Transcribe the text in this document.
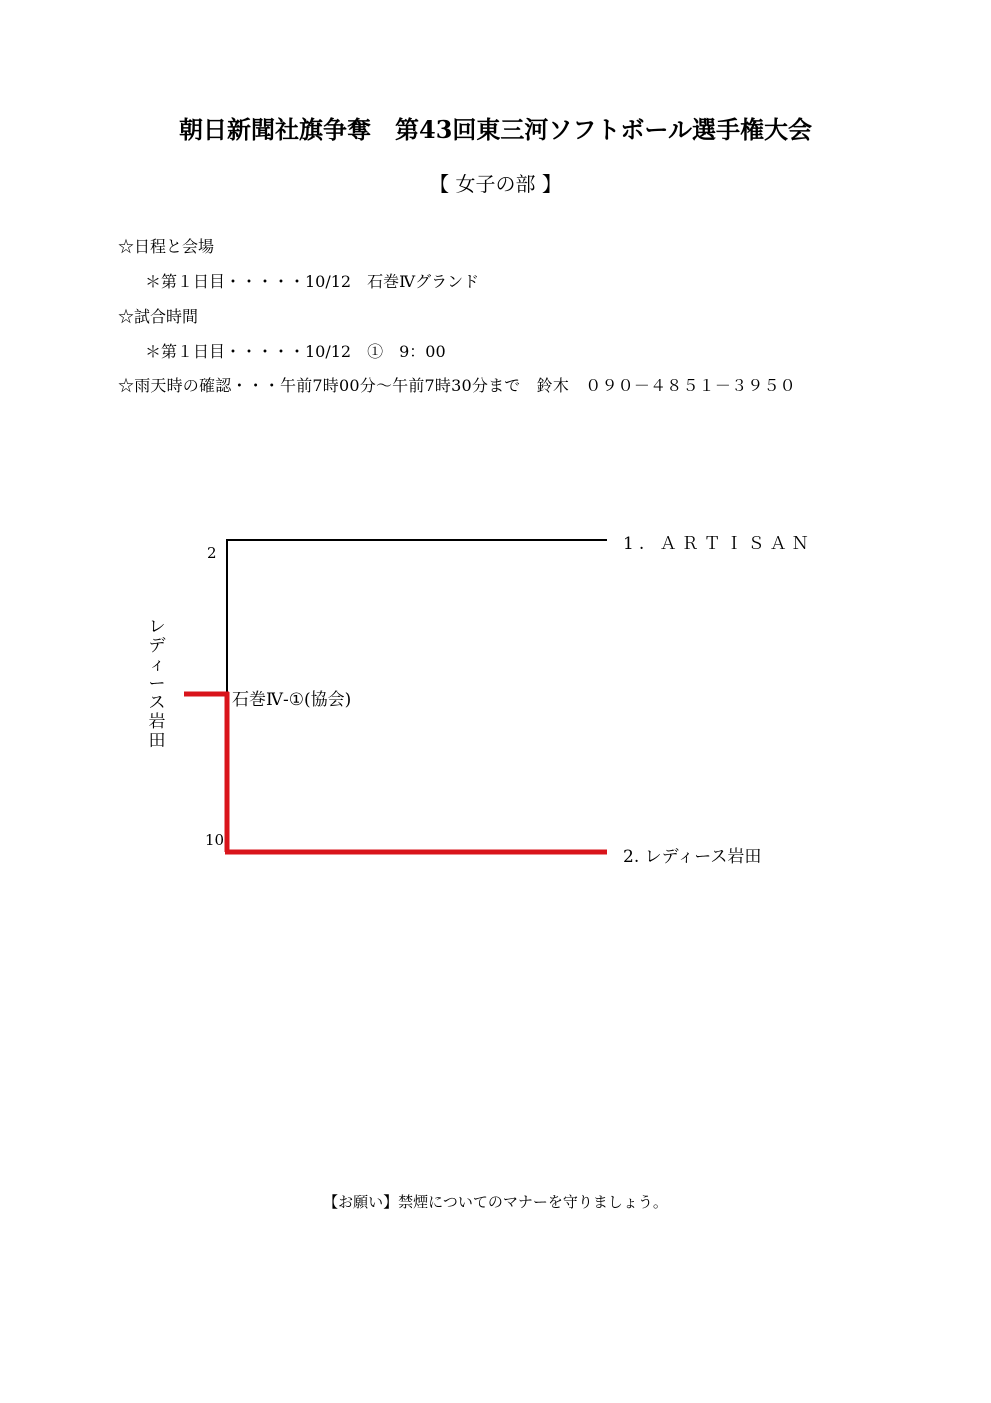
朝日新聞社旗争奪　第43回東三河ソフトボール選手権大会
【 女子の部 】
☆日程と会場
＊第１日目・・・・・10/12　石巻Ⅳグランド
☆試合時間
＊第１日目・・・・・10/12　①　9：00
☆雨天時の確認・・・午前7時00分～午前7時30分まで　鈴木　０９０－４８５１－３９５０
2
10
1. ＡＲＴＩＳＡＮ
2. レディース岩田
石巻Ⅳ-①(協会)
レディース岩田
【お願い】禁煙についてのマナーを守りましょう。
